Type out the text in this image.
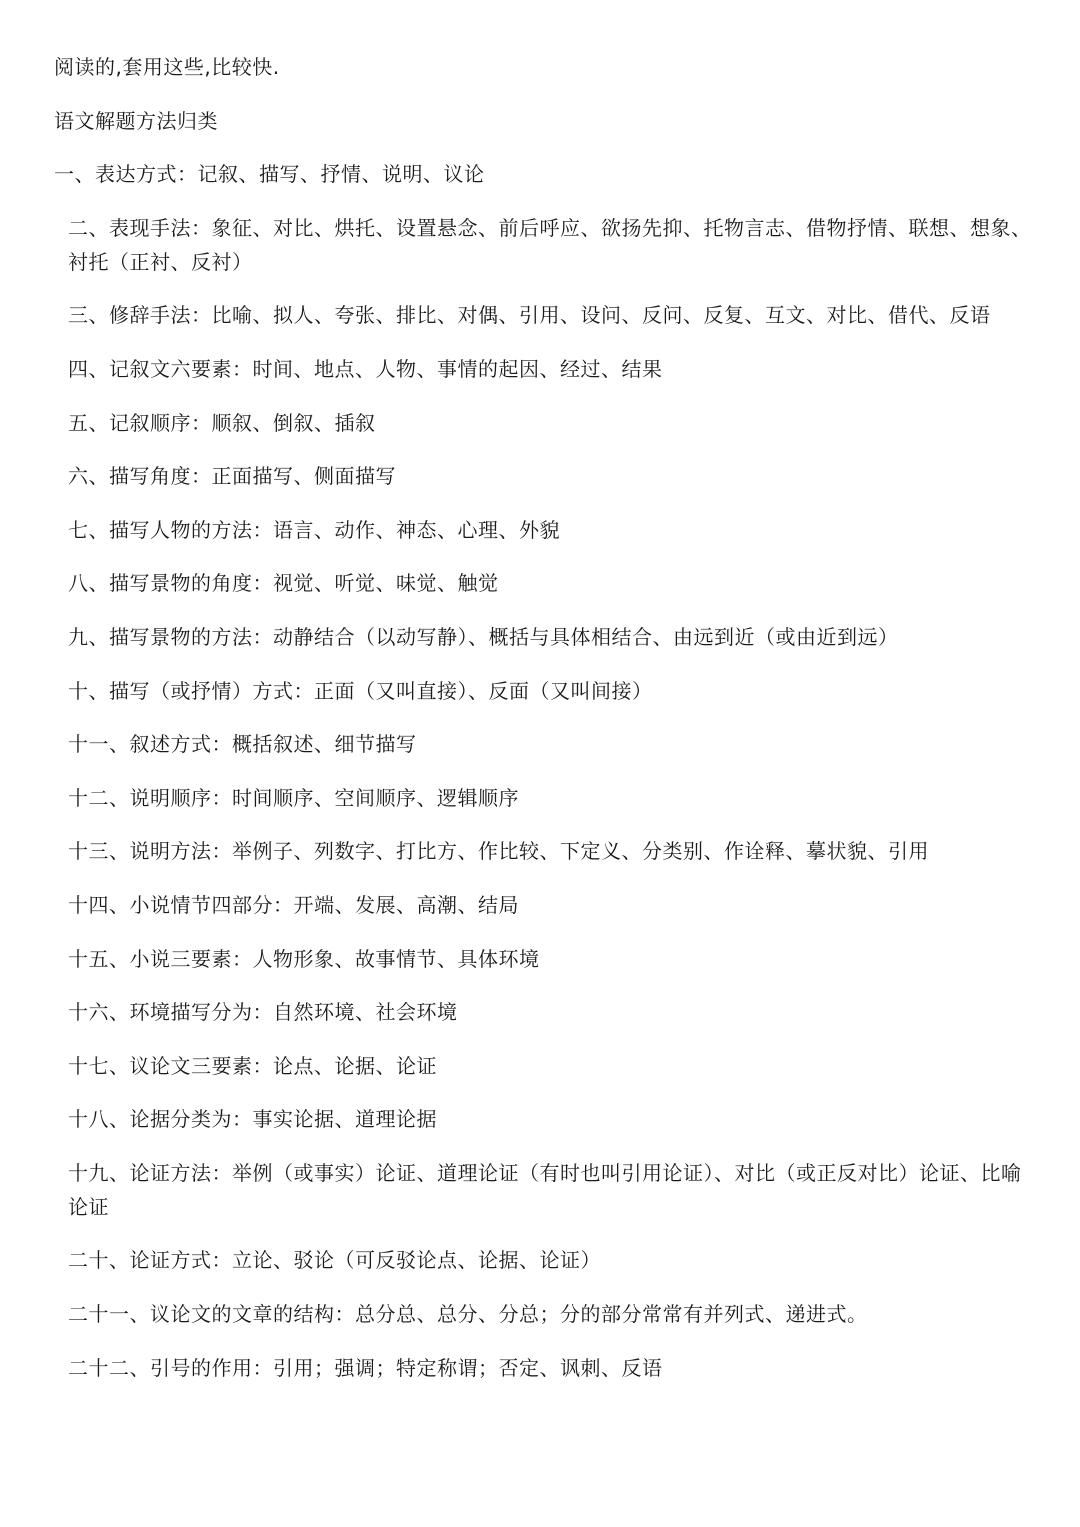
阅读的,套用这些,比较快.
语文解题方法归类
一、表达方式：记叙、描写、抒情、说明、议论
二、表现手法：象征、对比、烘托、设置悬念、前后呼应、欲扬先抑、托物言志、借物抒情、联想、想象、衬托（正衬、反衬）
三、修辞手法：比喻、拟人、夸张、排比、对偶、引用、设问、反问、反复、互文、对比、借代、反语
四、记叙文六要素：时间、地点、人物、事情的起因、经过、结果
五、记叙顺序：顺叙、倒叙、插叙
六、描写角度：正面描写、侧面描写
七、描写人物的方法：语言、动作、神态、心理、外貌
八、描写景物的角度：视觉、听觉、味觉、触觉
九、描写景物的方法：动静结合（以动写静）、概括与具体相结合、由远到近（或由近到远）
十、描写（或抒情）方式：正面（又叫直接）、反面（又叫间接）
十一、叙述方式：概括叙述、细节描写
十二、说明顺序：时间顺序、空间顺序、逻辑顺序
十三、说明方法：举例子、列数字、打比方、作比较、下定义、分类别、作诠释、摹状貌、引用
十四、小说情节四部分：开端、发展、高潮、结局
十五、小说三要素：人物形象、故事情节、具体环境
十六、环境描写分为：自然环境、社会环境
十七、议论文三要素：论点、论据、论证
十八、论据分类为：事实论据、道理论据
十九、论证方法：举例（或事实）论证、道理论证（有时也叫引用论证）、对比（或正反对比）论证、比喻论证
二十、论证方式：立论、驳论（可反驳论点、论据、论证）
二十一、议论文的文章的结构：总分总、总分、分总；分的部分常常有并列式、递进式。
二十二、引号的作用：引用；强调；特定称谓；否定、讽刺、反语
